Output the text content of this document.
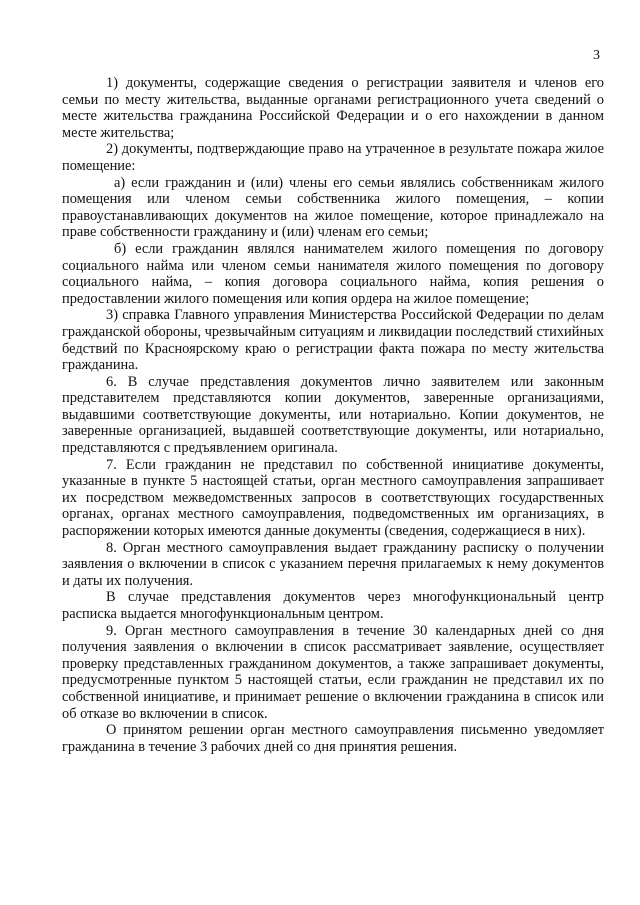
3

1) документы, содержащие сведения о регистрации заявителя и членов его семьи по месту жительства, выданные органами регистрационного учета сведений о месте жительства гражданина Российской Федерации и о его нахождении в данном месте жительства;

2) документы, подтверждающие право на утраченное в результате пожара жилое помещение:

а) если гражданин и (или) члены его семьи являлись собственникам жилого помещения или членом семьи собственника жилого помещения, – копии правоустанавливающих документов на жилое помещение, которое принадлежало на праве собственности гражданину и (или) членам его семьи;

б) если гражданин являлся нанимателем жилого помещения по договору социального найма или членом семьи нанимателя жилого помещения по договору социального найма, – копия договора социального найма, копия решения о предоставлении жилого помещения или копия ордера на жилое помещение;

3) справка Главного управления Министерства Российской Федерации по делам гражданской обороны, чрезвычайным ситуациям и ликвидации последствий стихийных бедствий по Красноярскому краю о регистрации факта пожара по месту жительства гражданина.

6. В случае представления документов лично заявителем или законным представителем представляются копии документов, заверенные организациями, выдавшими соответствующие документы, или нотариально. Копии документов, не заверенные организацией, выдавшей соответствующие документы, или нотариально, представляются с предъявлением оригинала.

7. Если гражданин не представил по собственной инициативе документы, указанные в пункте 5 настоящей статьи, орган местного самоуправления запрашивает их посредством межведомственных запросов в соответствующих государственных органах, органах местного самоуправления, подведомственных им организациях, в распоряжении которых имеются данные документы (сведения, содержащиеся в них).

8. Орган местного самоуправления выдает гражданину расписку о получении заявления о включении в список с указанием перечня прилагаемых к нему документов и даты их получения.

В случае представления документов через многофункциональный центр расписка выдается многофункциональным центром.

9. Орган местного самоуправления в течение 30 календарных дней со дня получения заявления о включении в список рассматривает заявление, осуществляет проверку представленных гражданином документов, а также запрашивает документы, предусмотренные пунктом 5 настоящей статьи, если гражданин не представил их по собственной инициативе, и принимает решение о включении гражданина в список или об отказе во включении в список.

О принятом решении орган местного самоуправления письменно уведомляет гражданина в течение 3 рабочих дней со дня принятия решения.
